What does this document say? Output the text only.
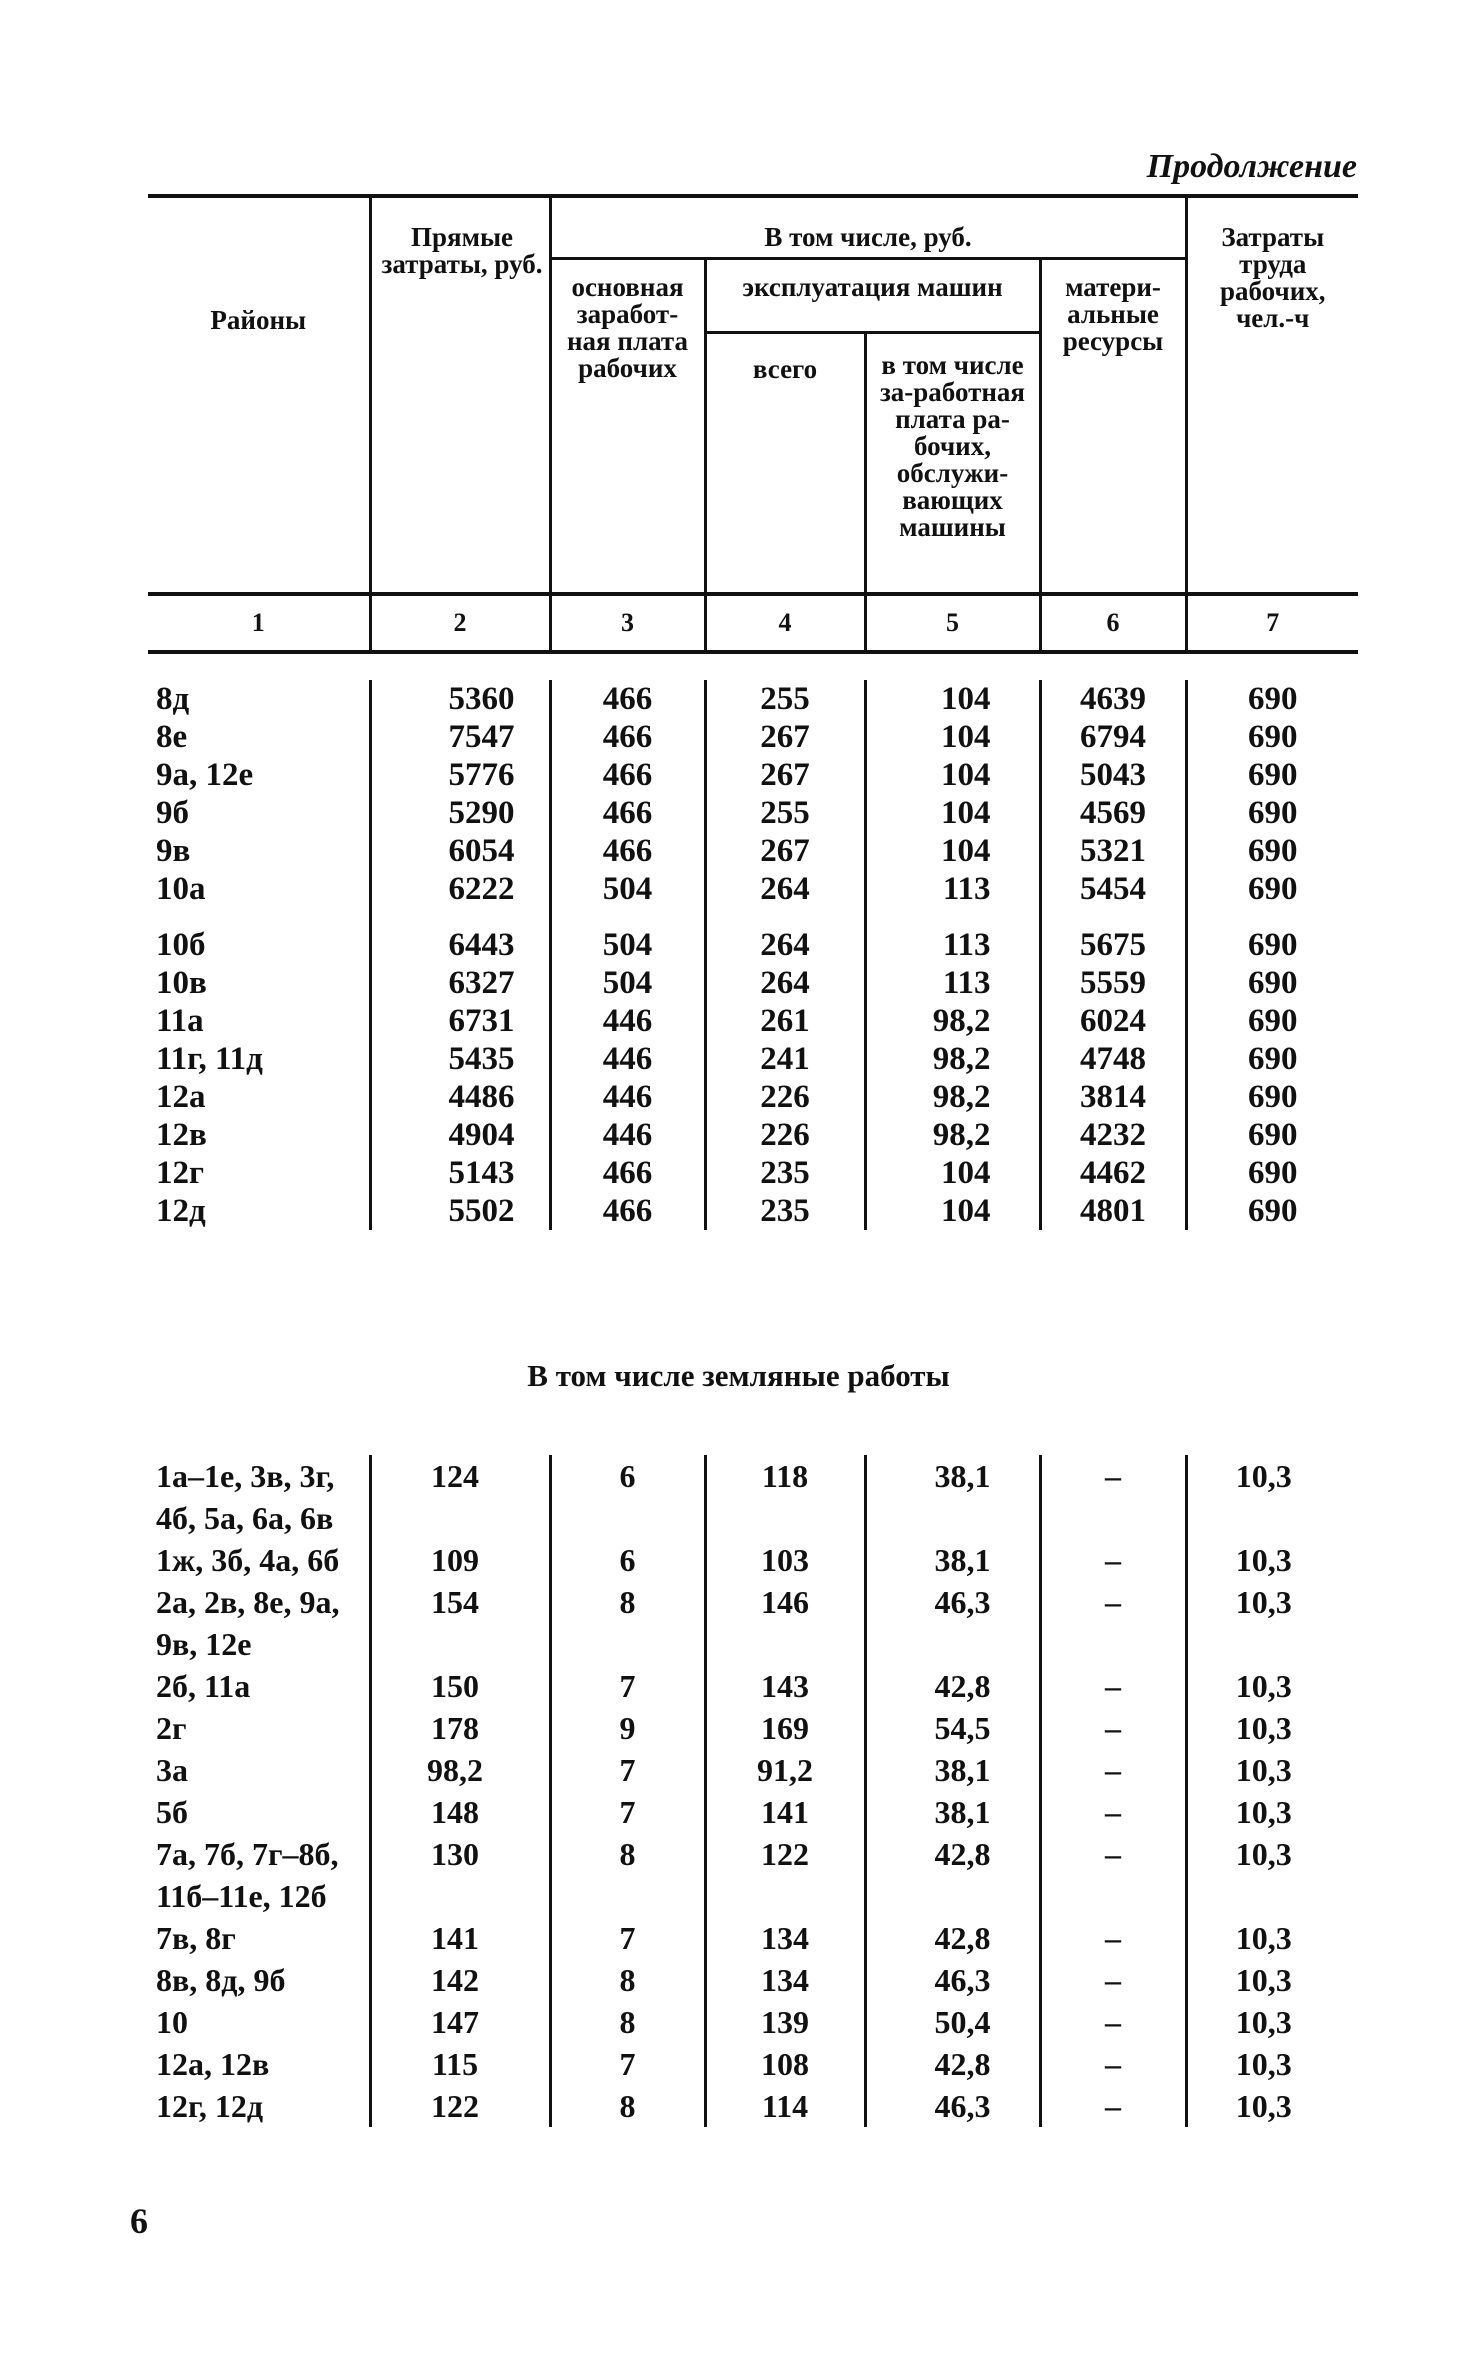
Продолжение
Районы	Прямые затраты, руб.	В том числе, руб.				Затраты труда рабочих, чел.-ч
		основная заработ-ная плата рабочих	эксплуатация машин		матери-альные ресурсы	
			всего	в том числе за-работная плата ра-бочих, обслужи-вающих машины		
1	2	3	4	5	6	7
8д	5360	466	255	104	4639	690
8е	7547	466	267	104	6794	690
9а, 12е	5776	466	267	104	5043	690
9б	5290	466	255	104	4569	690
9в	6054	466	267	104	5321	690
10а	6222	504	264	113	5454	690

10б	6443	504	264	113	5675	690
10в	6327	504	264	113	5559	690
11а	6731	446	261	98,2	6024	690
11г, 11д	5435	446	241	98,2	4748	690
12а	4486	446	226	98,2	3814	690
12в	4904	446	226	98,2	4232	690
12г	5143	466	235	104	4462	690
12д	5502	466	235	104	4801	690
В том числе земляные работы
1а–1е, 3в, 3г,	124	6	118	38,1	–	10,3
4б, 5а, 6а, 6в						
1ж, 3б, 4а, 6б	109	6	103	38,1	–	10,3
2а, 2в, 8е, 9а,	154	8	146	46,3	–	10,3
9в, 12е						
2б, 11а	150	7	143	42,8	–	10,3
2г	178	9	169	54,5	–	10,3
3а	98,2	7	91,2	38,1	–	10,3
5б	148	7	141	38,1	–	10,3
7а, 7б, 7г–8б,	130	8	122	42,8	–	10,3
11б–11е, 12б						
7в, 8г	141	7	134	42,8	–	10,3
8в, 8д, 9б	142	8	134	46,3	–	10,3
10	147	8	139	50,4	–	10,3
12а, 12в	115	7	108	42,8	–	10,3
12г, 12д	122	8	114	46,3	–	10,3
6
